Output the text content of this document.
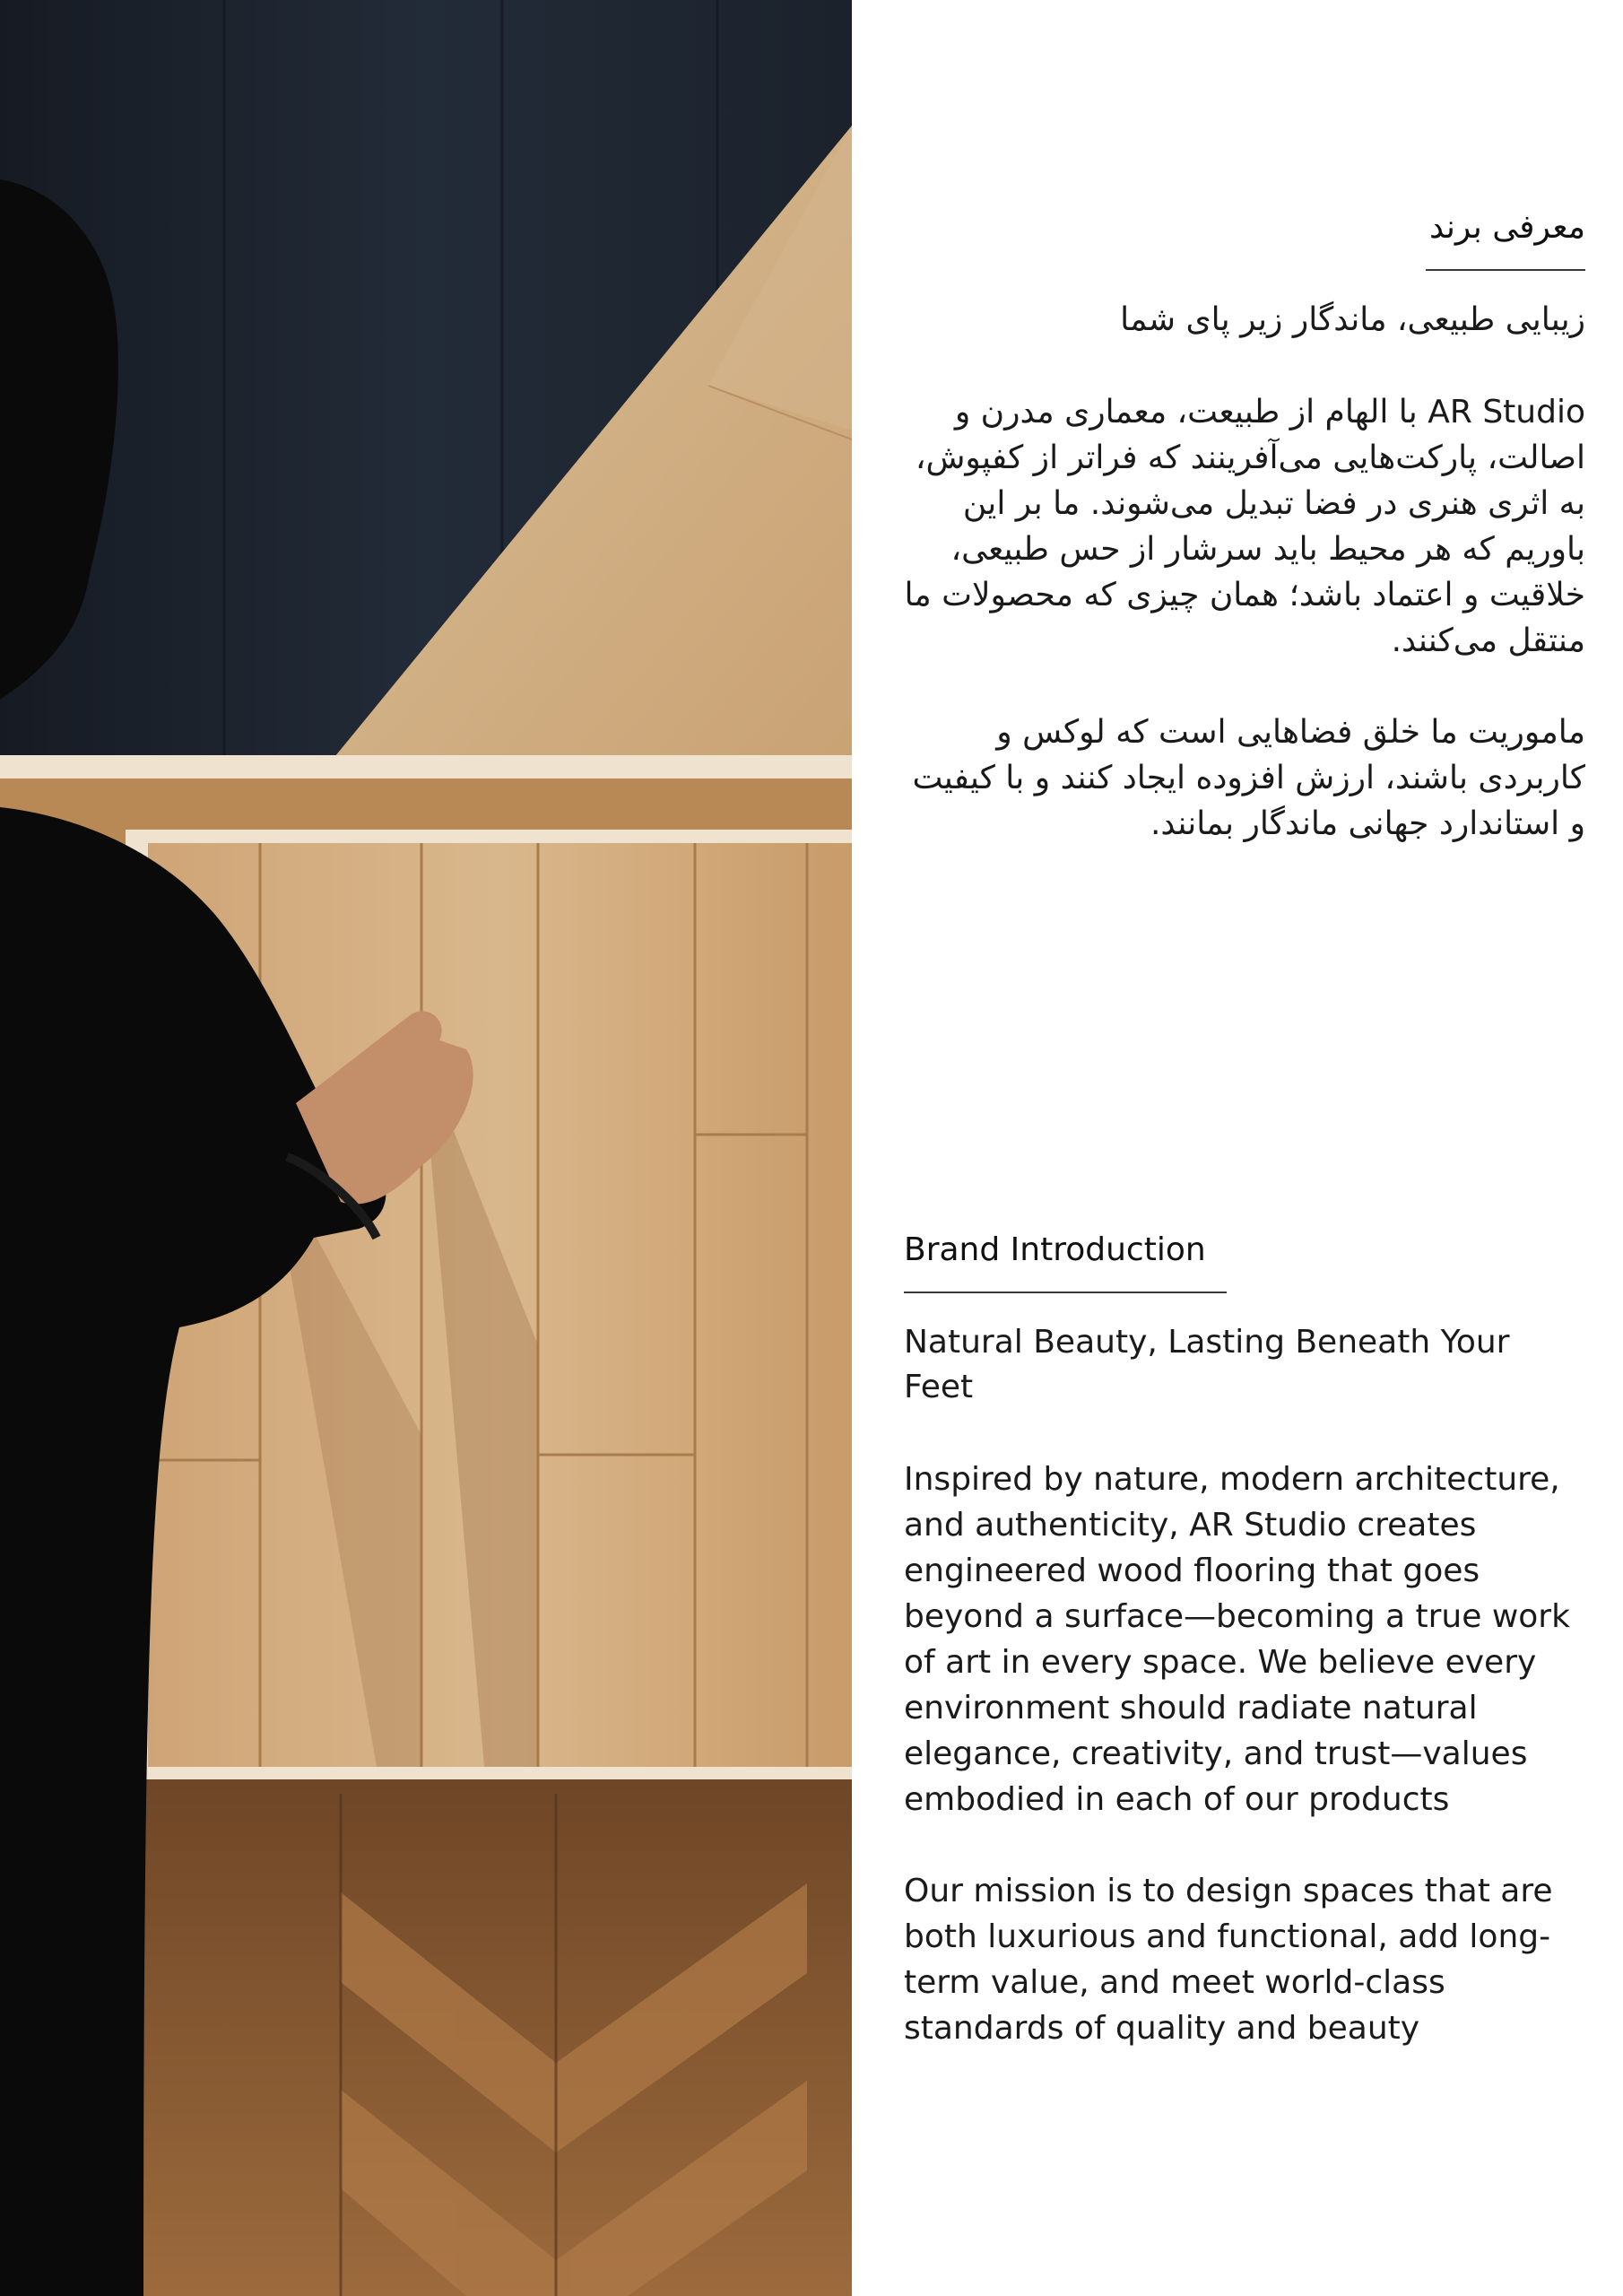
معرفی برند

زیبایی طبیعی، ماندگار زیر پای شما

AR Studio با الهام از طبیعت، معماری مدرن و اصالت، پارکت‌هایی می‌آفرینند که فراتر از کفپوش، به اثری هنری در فضا تبدیل می‌شوند. ما بر این باوریم که هر محیط باید سرشار از حس طبیعی، خلاقیت و اعتماد باشد؛ همان چیزی که محصولات ما منتقل می‌کنند.

ماموریت ما خلق فضاهایی است که لوکس و کاربردی باشند، ارزش افزوده ایجاد کنند و با کیفیت و استاندارد جهانی ماندگار بمانند.

Brand Introduction

Natural Beauty, Lasting Beneath Your Feet

Inspired by nature, modern architecture, and authenticity, AR Studio creates engineered wood flooring that goes beyond a surface—becoming a true work of art in every space. We believe every environment should radiate natural elegance, creativity, and trust—values embodied in each of our products

Our mission is to design spaces that are both luxurious and functional, add long-term value, and meet world-class standards of quality and beauty
